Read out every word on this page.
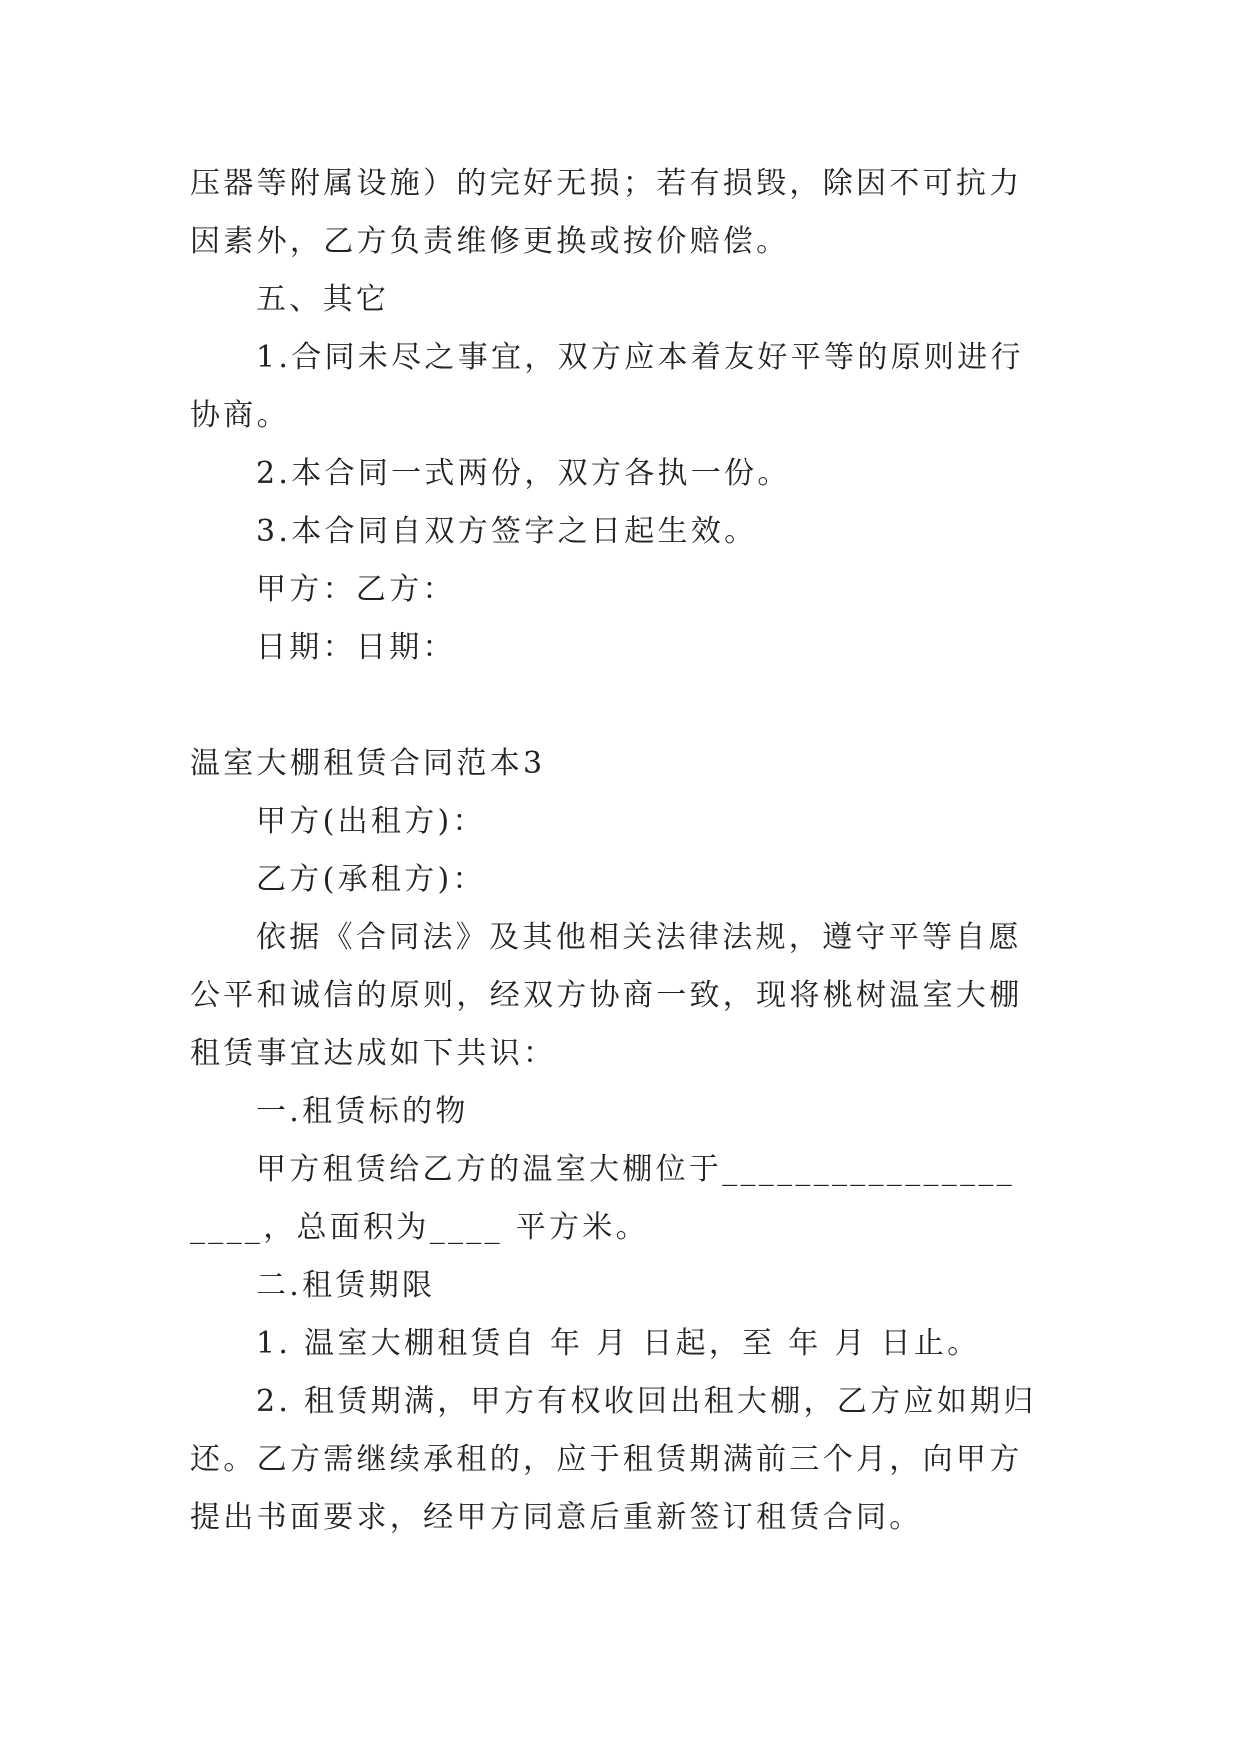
压器等附属设施）的完好无损；若有损毁，除因不可抗力因素外，乙方负责维修更换或按价赔偿。

五、其它

1.合同未尽之事宜，双方应本着友好平等的原则进行协商。

2.本合同一式两份，双方各执一份。

3.本合同自双方签字之日起生效。

甲方：乙方：

日期：日期：

温室大棚租赁合同范本3

甲方(出租方)：

乙方(承租方)：

依据《合同法》及其他相关法律法规，遵守平等自愿公平和诚信的原则，经双方协商一致，现将桃树温室大棚租赁事宜达成如下共识：

一.租赁标的物

甲方租赁给乙方的温室大棚位于________________ ____，总面积为____ 平方米。

二.租赁期限

1. 温室大棚租赁自 年 月 日起，至 年 月 日止。

2. 租赁期满，甲方有权收回出租大棚，乙方应如期归还。乙方需继续承租的，应于租赁期满前三个月，向甲方提出书面要求，经甲方同意后重新签订租赁合同。
